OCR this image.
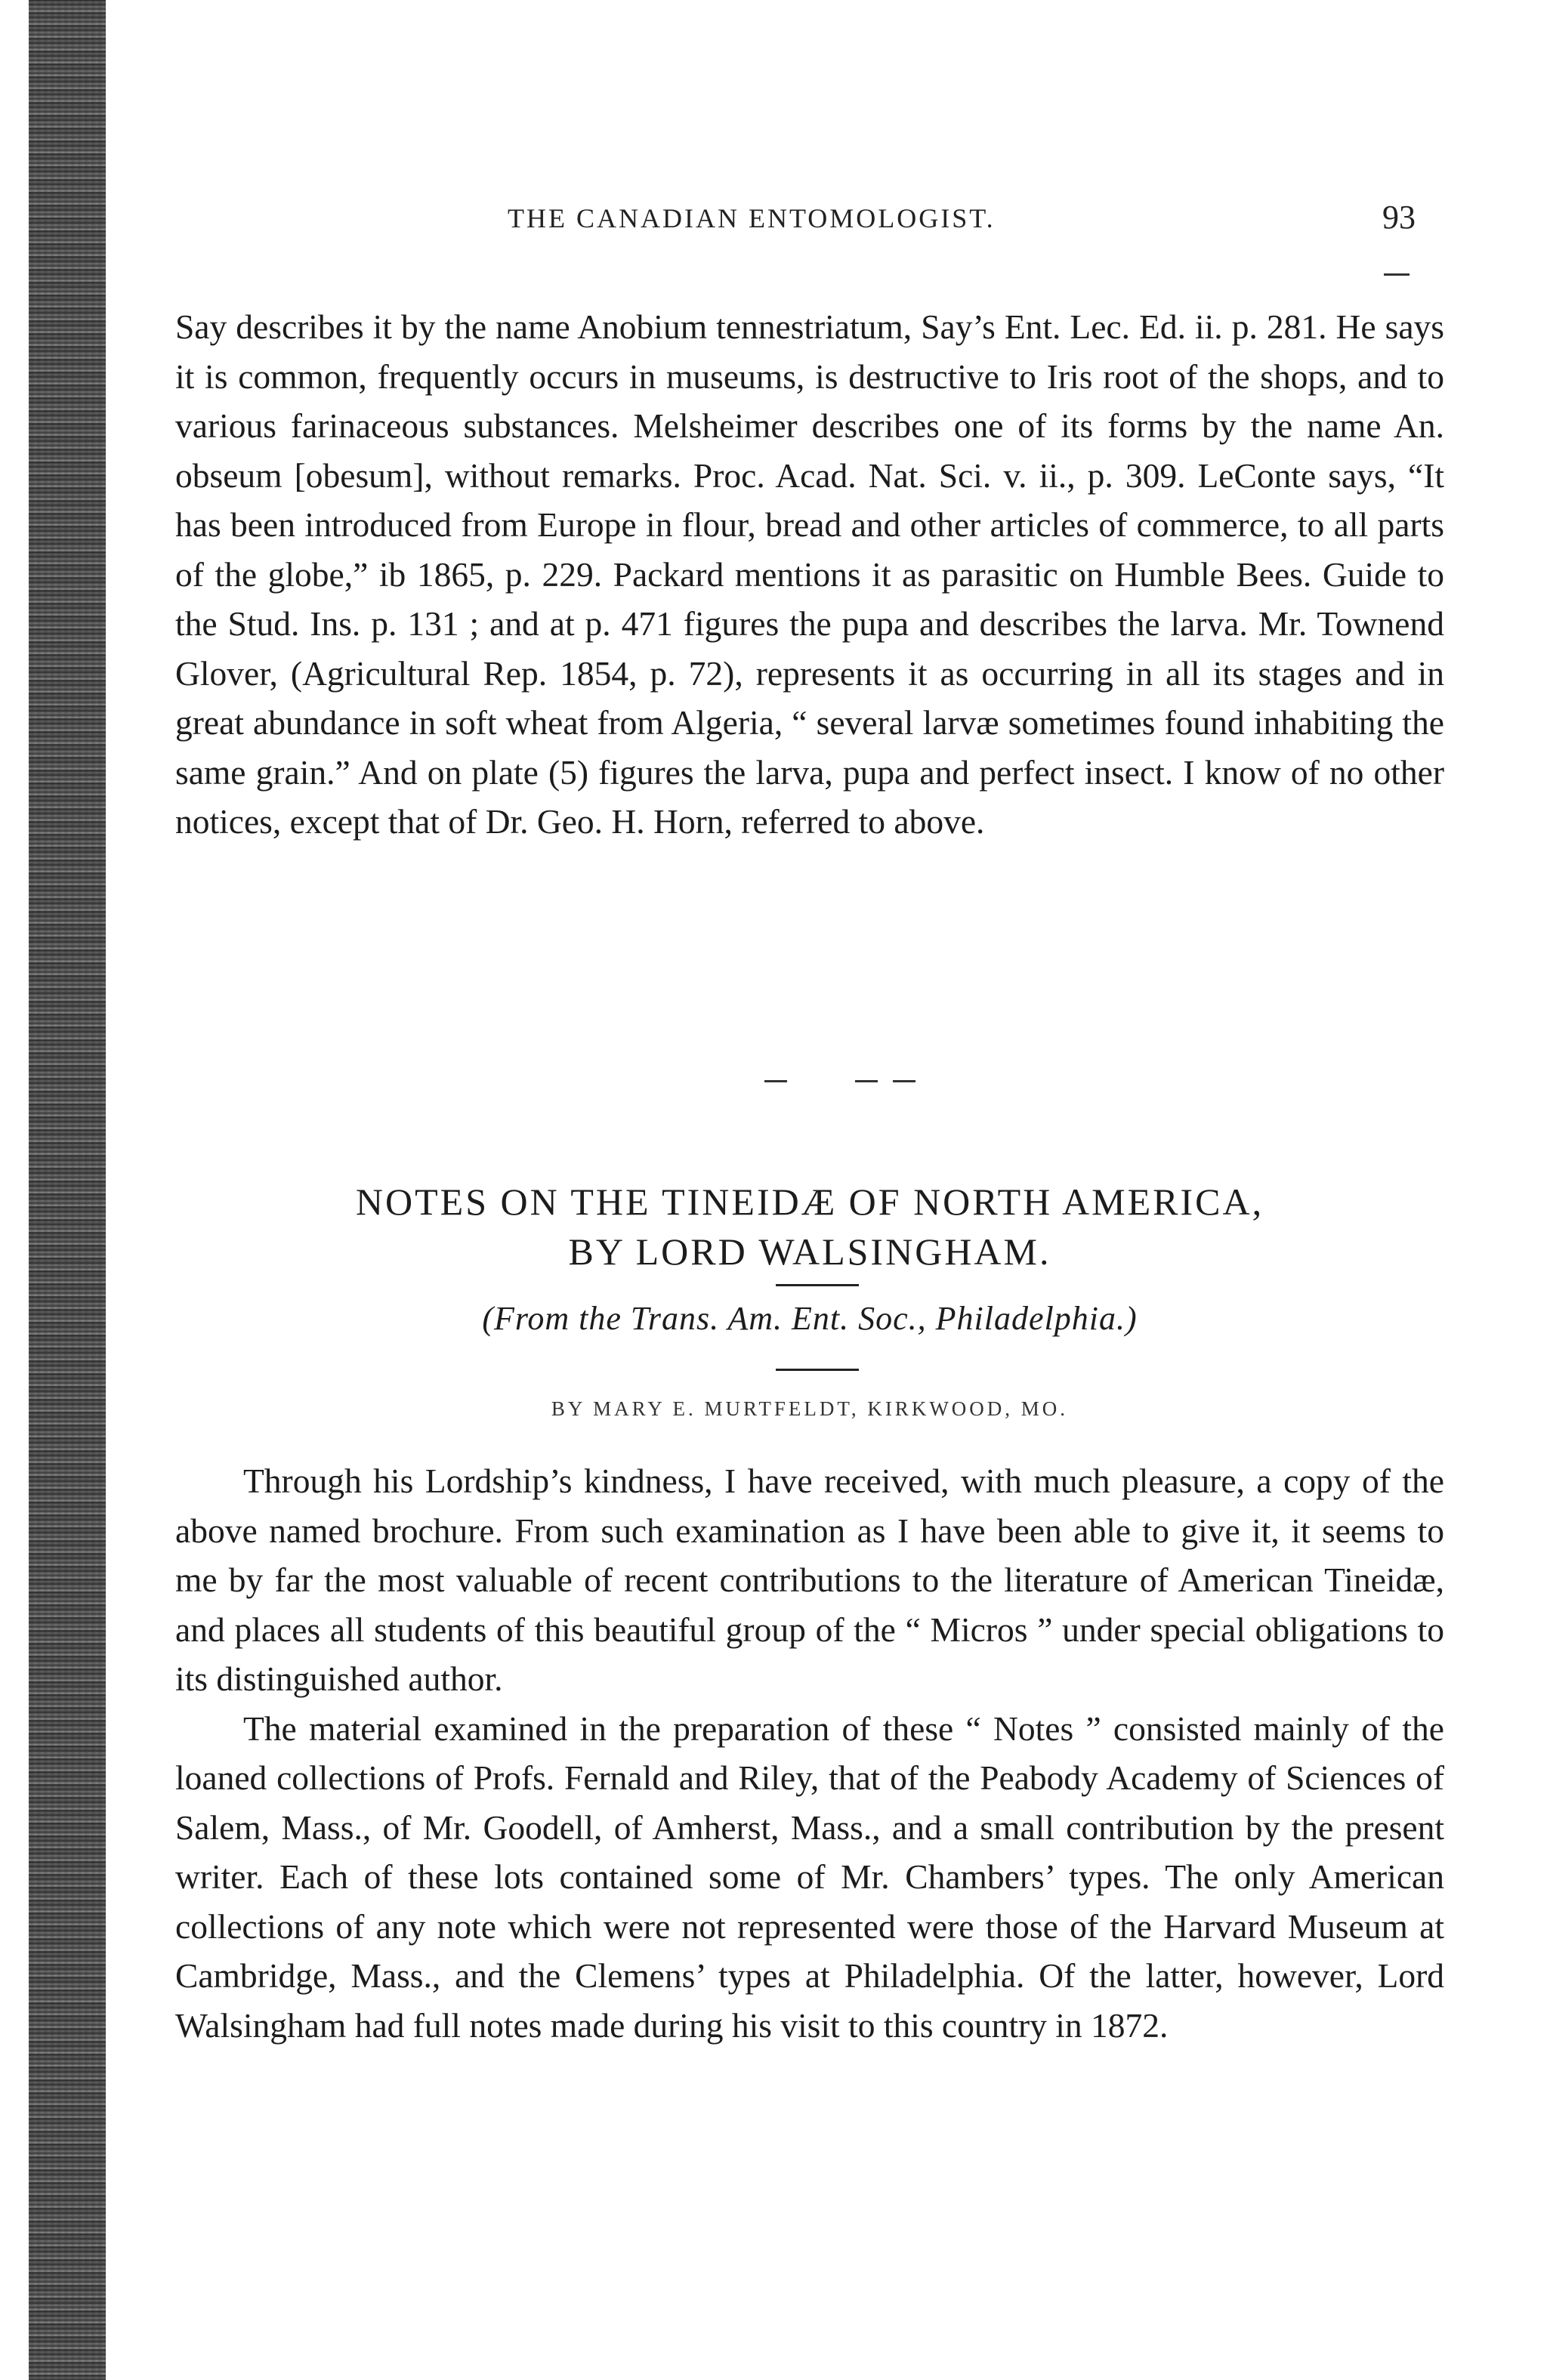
THE CANADIAN ENTOMOLOGIST.	93

Say describes it by the name Anobium tennestriatum, Say’s Ent. Lec. Ed. ii. p. 281. He says it is common, frequently occurs in museums, is destructive to Iris root of the shops, and to various farinaceous substances. Melsheimer describes one of its forms by the name An. obseum [obesum], without remarks. Proc. Acad. Nat. Sci. v. ii., p. 309. LeConte says, “It has been introduced from Europe in flour, bread and other articles of commerce, to all parts of the globe,” ib 1865, p. 229. Packard mentions it as parasitic on Humble Bees. Guide to the Stud. Ins. p. 131 ; and at p. 471 figures the pupa and describes the larva. Mr. Townend Glover, (Agricultural Rep. 1854, p. 72), represents it as occurring in all its stages and in great abundance in soft wheat from Algeria, “ several larvæ sometimes found inhabiting the same grain.” And on plate (5) figures the larva, pupa and perfect insect. I know of no other notices, except that of Dr. Geo. H. Horn, referred to above.

NOTES ON THE TINEIDÆ OF NORTH AMERICA,
BY LORD WALSINGHAM.
(From the Trans. Am. Ent. Soc., Philadelphia.)
BY MARY E. MURTFELDT, KIRKWOOD, MO.

Through his Lordship’s kindness, I have received, with much pleasure, a copy of the above named brochure. From such examination as I have been able to give it, it seems to me by far the most valuable of recent contributions to the literature of American Tineidæ, and places all students of this beautiful group of the “ Micros ” under special obligations to its distinguished author.

The material examined in the preparation of these “ Notes ” consisted mainly of the loaned collections of Profs. Fernald and Riley, that of the Peabody Academy of Sciences of Salem, Mass., of Mr. Goodell, of Amherst, Mass., and a small contribution by the present writer. Each of these lots contained some of Mr. Chambers’ types. The only American collections of any note which were not represented were those of the Harvard Museum at Cambridge, Mass., and the Clemens’ types at Philadelphia. Of the latter, however, Lord Walsingham had full notes made during his visit to this country in 1872.
